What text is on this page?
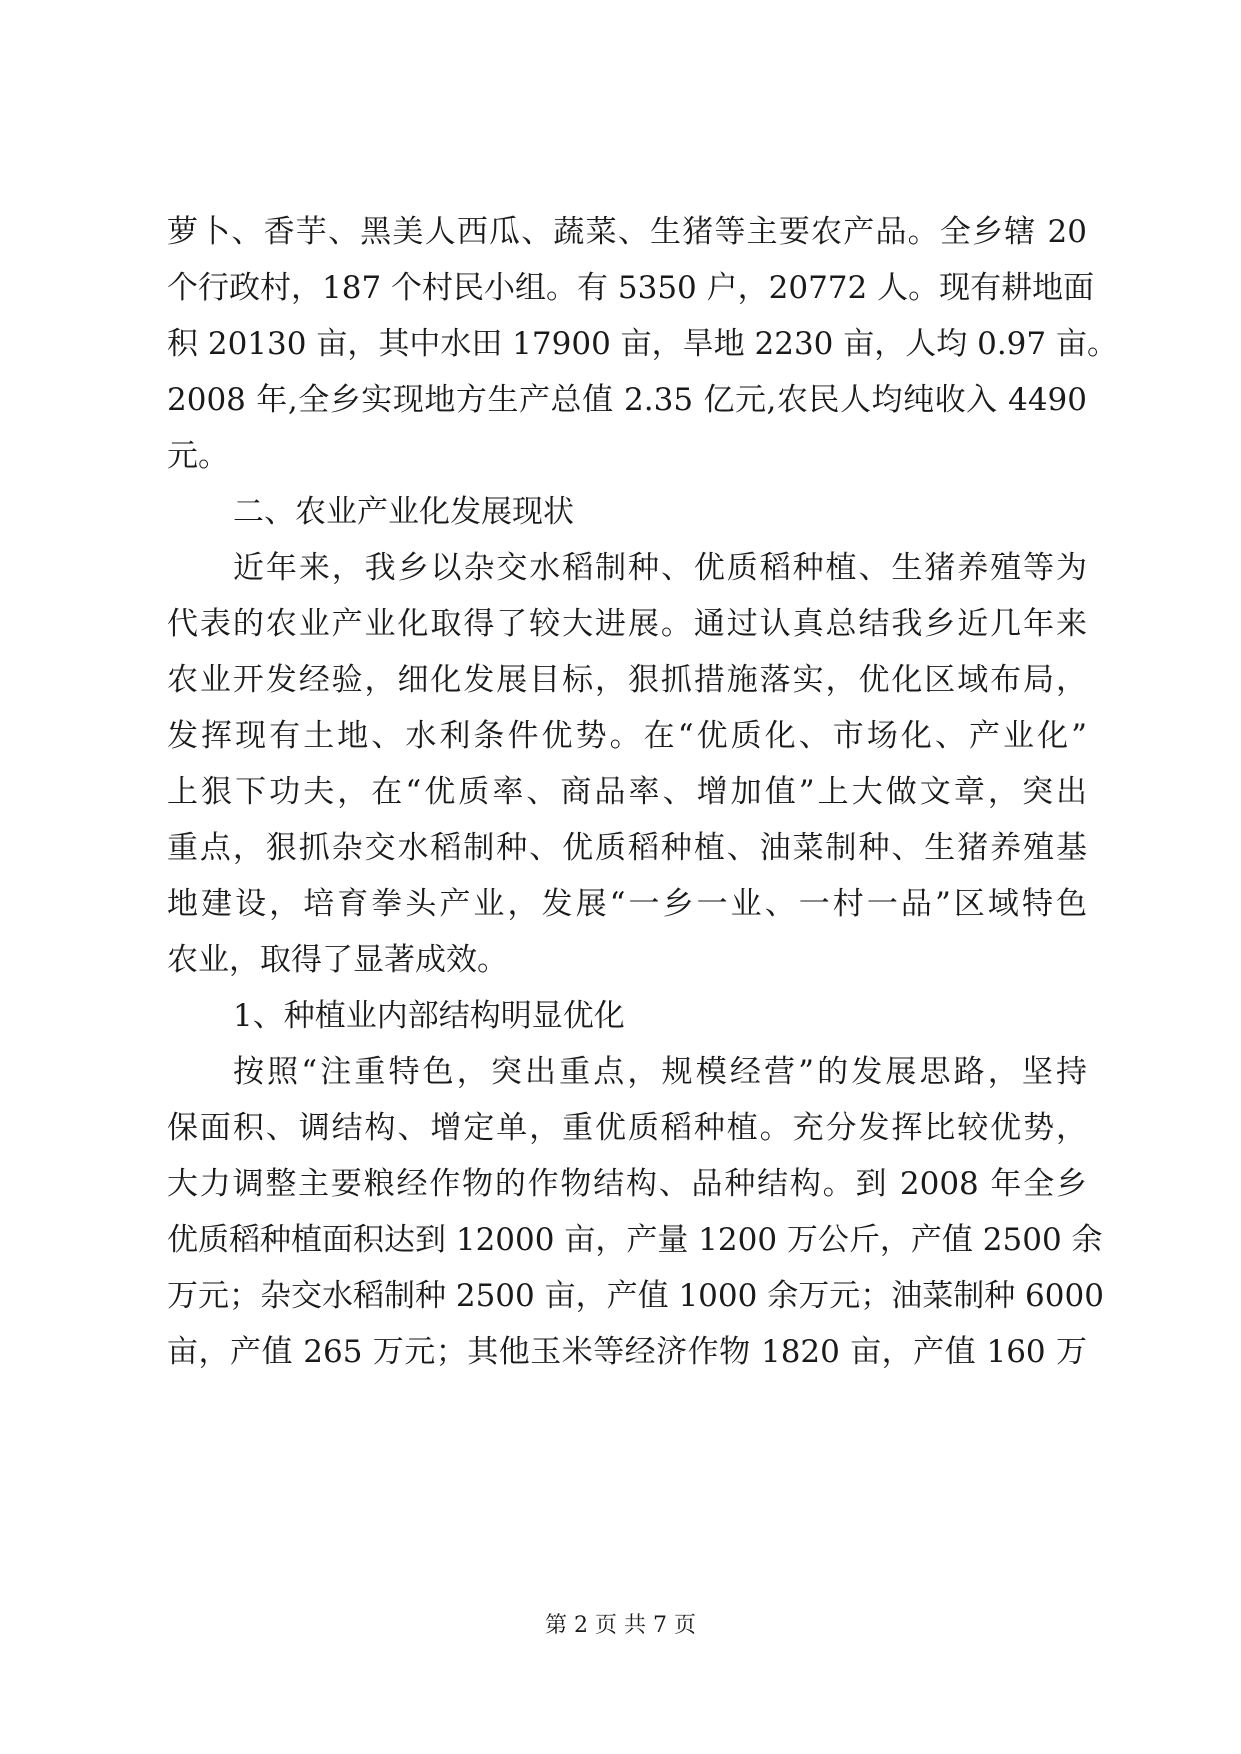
萝卜、香芋、黑美人西瓜、蔬菜、生猪等主要农产品。全乡辖 20
个行政村，187 个村民小组。有 5350 户，20772 人。现有耕地面
积 20130 亩，其中水田 17900 亩，旱地 2230 亩，人均 0.97 亩。
2008 年,全乡实现地方生产总值 2.35 亿元,农民人均纯收入 4490
元。
二、农业产业化发展现状
近年来，我乡以杂交水稻制种、优质稻种植、生猪养殖等为
代表的农业产业化取得了较大进展。通过认真总结我乡近几年来
农业开发经验，细化发展目标，狠抓措施落实，优化区域布局，
发挥现有土地、水利条件优势。在“优质化、市场化、产业化”
上狠下功夫，在“优质率、商品率、增加值”上大做文章，突出
重点，狠抓杂交水稻制种、优质稻种植、油菜制种、生猪养殖基
地建设，培育拳头产业，发展“一乡一业、一村一品”区域特色
农业，取得了显著成效。
1、种植业内部结构明显优化
按照“注重特色，突出重点，规模经营”的发展思路，坚持
保面积、调结构、增定单，重优质稻种植。充分发挥比较优势，
大力调整主要粮经作物的作物结构、品种结构。到 2008 年全乡
优质稻种植面积达到 12000 亩，产量 1200 万公斤，产值 2500 余
万元；杂交水稻制种 2500 亩，产值 1000 余万元；油菜制种 6000
亩，产值 265 万元；其他玉米等经济作物 1820 亩，产值 160 万
第 2 页 共 7 页
